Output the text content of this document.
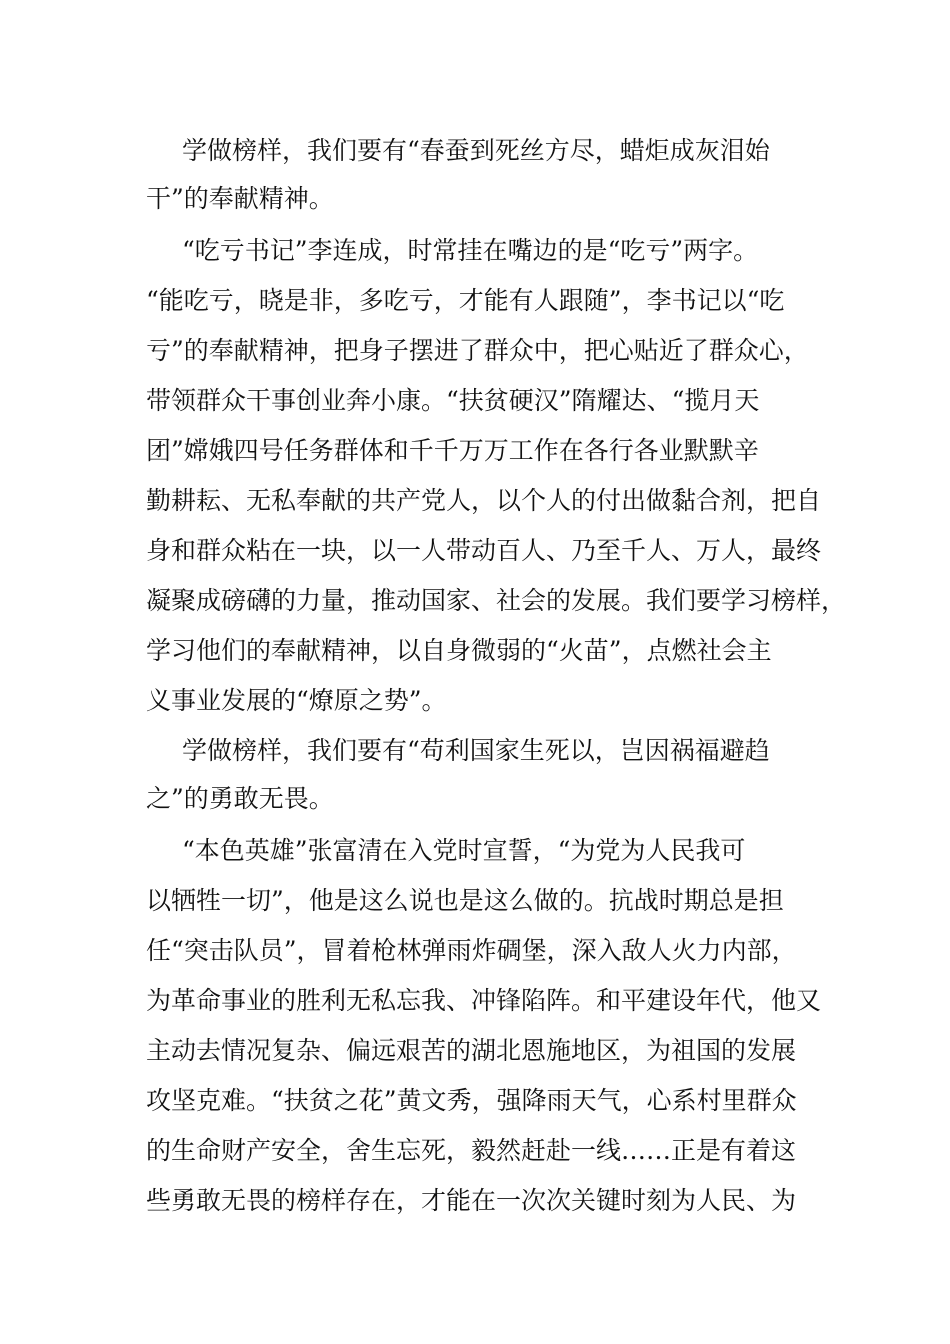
学做榜样，我们要有“春蚕到死丝方尽，蜡炬成灰泪始
干”的奉献精神。
“吃亏书记”李连成，时常挂在嘴边的是“吃亏”两字。
“能吃亏，晓是非，多吃亏，才能有人跟随”，李书记以“吃
亏”的奉献精神，把身子摆进了群众中，把心贴近了群众心，
带领群众干事创业奔小康。“扶贫硬汉”隋耀达、“揽月天
团”嫦娥四号任务群体和千千万万工作在各行各业默默辛
勤耕耘、无私奉献的共产党人，以个人的付出做黏合剂，把自
身和群众粘在一块，以一人带动百人、乃至千人、万人，最终
凝聚成磅礴的力量，推动国家、社会的发展。我们要学习榜样，
学习他们的奉献精神，以自身微弱的“火苗”，点燃社会主
义事业发展的“燎原之势”。
学做榜样，我们要有“苟利国家生死以，岂因祸福避趋
之”的勇敢无畏。
“本色英雄”张富清在入党时宣誓，“为党为人民我可
以牺牲一切”，他是这么说也是这么做的。抗战时期总是担
任“突击队员”，冒着枪林弹雨炸碉堡，深入敌人火力内部，
为革命事业的胜利无私忘我、冲锋陷阵。和平建设年代，他又
主动去情况复杂、偏远艰苦的湖北恩施地区，为祖国的发展
攻坚克难。“扶贫之花”黄文秀，强降雨天气，心系村里群众
的生命财产安全，舍生忘死，毅然赶赴一线……正是有着这
些勇敢无畏的榜样存在，才能在一次次关键时刻为人民、为
